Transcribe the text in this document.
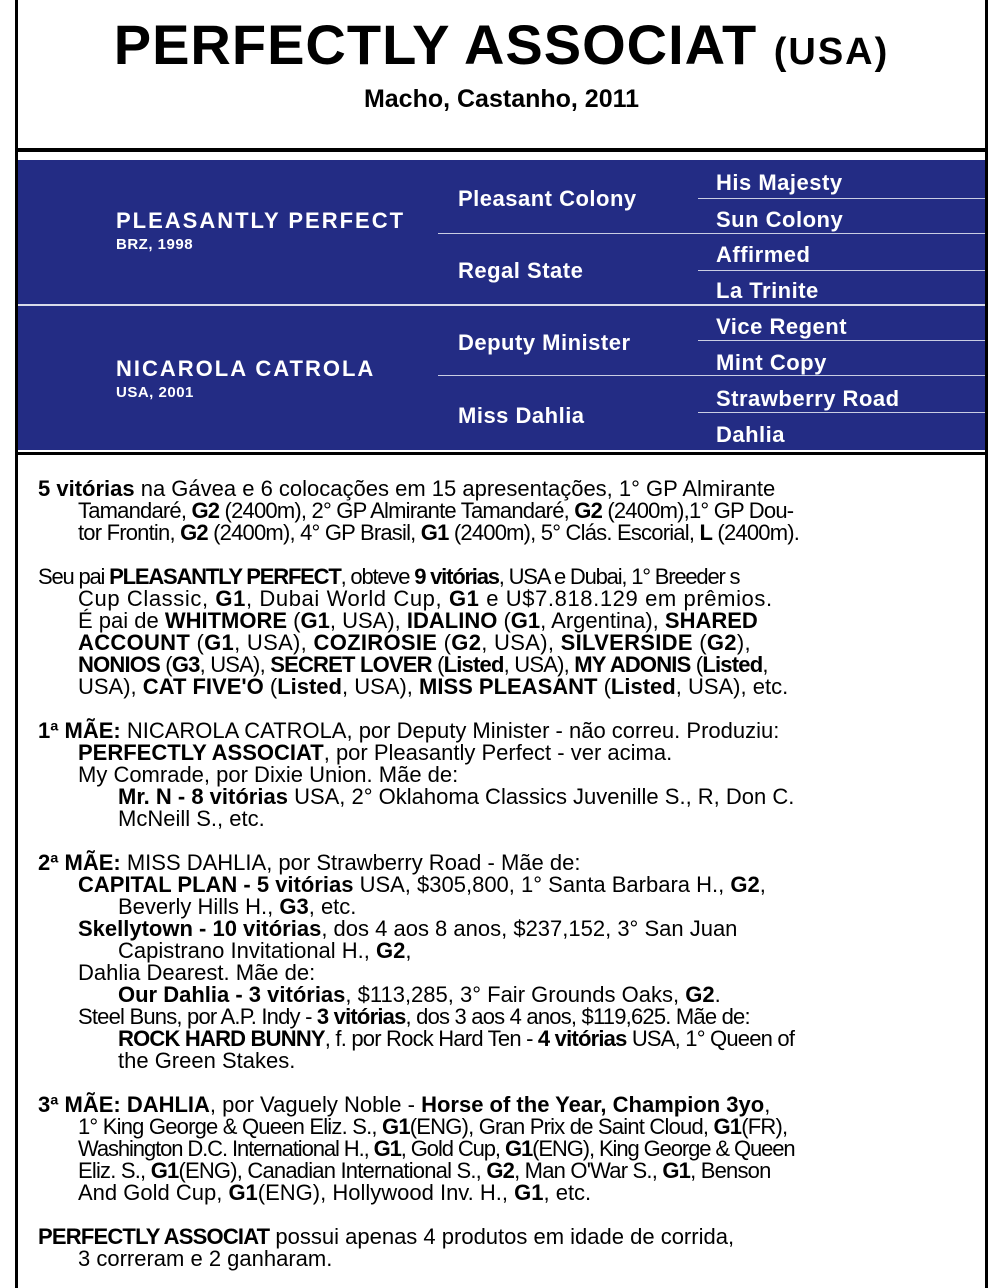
PERFECTLY ASSOCIAT (USA)
Macho, Castanho, 2011
PLEASANTLY PERFECT
BRZ, 1998
NICAROLA CATROLA
USA, 2001
Pleasant Colony
Regal State
Deputy Minister
Miss Dahlia
His Majesty
Sun Colony
Affirmed
La Trinite
Vice Regent
Mint Copy
Strawberry Road
Dahlia
5 vitórias na Gávea e 6 colocações em 15 apresentações, 1° GP Almirante
Tamandaré, G2 (2400m), 2° GP Almirante Tamandaré, G2 (2400m),1° GP Dou-
tor Frontin, G2 (2400m), 4° GP Brasil, G1 (2400m), 5° Clás. Escorial, L (2400m).
Seu pai PLEASANTLY PERFECT, obteve 9 vitórias, USA e Dubai, 1° Breeder s
Cup Classic, G1, Dubai World Cup, G1 e U$7.818.129 em prêmios.
É pai de WHITMORE (G1, USA), IDALINO (G1, Argentina), SHARED
ACCOUNT (G1, USA), COZIROSIE (G2, USA), SILVERSIDE (G2),
NONIOS (G3, USA), SECRET LOVER (Listed, USA), MY ADONIS (Listed,
USA), CAT FIVE'O (Listed, USA), MISS PLEASANT (Listed, USA), etc.
1ª MÃE: NICAROLA CATROLA, por Deputy Minister - não correu. Produziu:
PERFECTLY ASSOCIAT, por Pleasantly Perfect - ver acima.
My Comrade, por Dixie Union. Mãe de:
Mr. N - 8 vitórias USA, 2° Oklahoma Classics Juvenille S., R, Don C.
McNeill S., etc.
2ª MÃE: MISS DAHLIA, por Strawberry Road - Mãe de:
CAPITAL PLAN - 5 vitórias USA, $305,800, 1° Santa Barbara H., G2,
Beverly Hills H., G3, etc.
Skellytown - 10 vitórias, dos 4 aos 8 anos, $237,152, 3° San Juan
Capistrano Invitational H., G2,
Dahlia Dearest. Mãe de:
Our Dahlia - 3 vitórias, $113,285, 3° Fair Grounds Oaks, G2.
Steel Buns, por A.P. Indy - 3 vitórias, dos 3 aos 4 anos, $119,625. Mãe de:
ROCK HARD BUNNY, f. por Rock Hard Ten - 4 vitórias USA, 1° Queen of
the Green Stakes.
3ª MÃE: DAHLIA, por Vaguely Noble - Horse of the Year, Champion 3yo,
1° King George & Queen Eliz. S., G1(ENG), Gran Prix de Saint Cloud, G1(FR),
Washington D.C. International H., G1, Gold Cup, G1(ENG), King George & Queen
Eliz. S., G1(ENG), Canadian International S., G2, Man O'War S., G1, Benson
And Gold Cup, G1(ENG), Hollywood Inv. H., G1, etc.
PERFECTLY ASSOCIAT possui apenas 4 produtos em idade de corrida,
3 correram e 2 ganharam.
